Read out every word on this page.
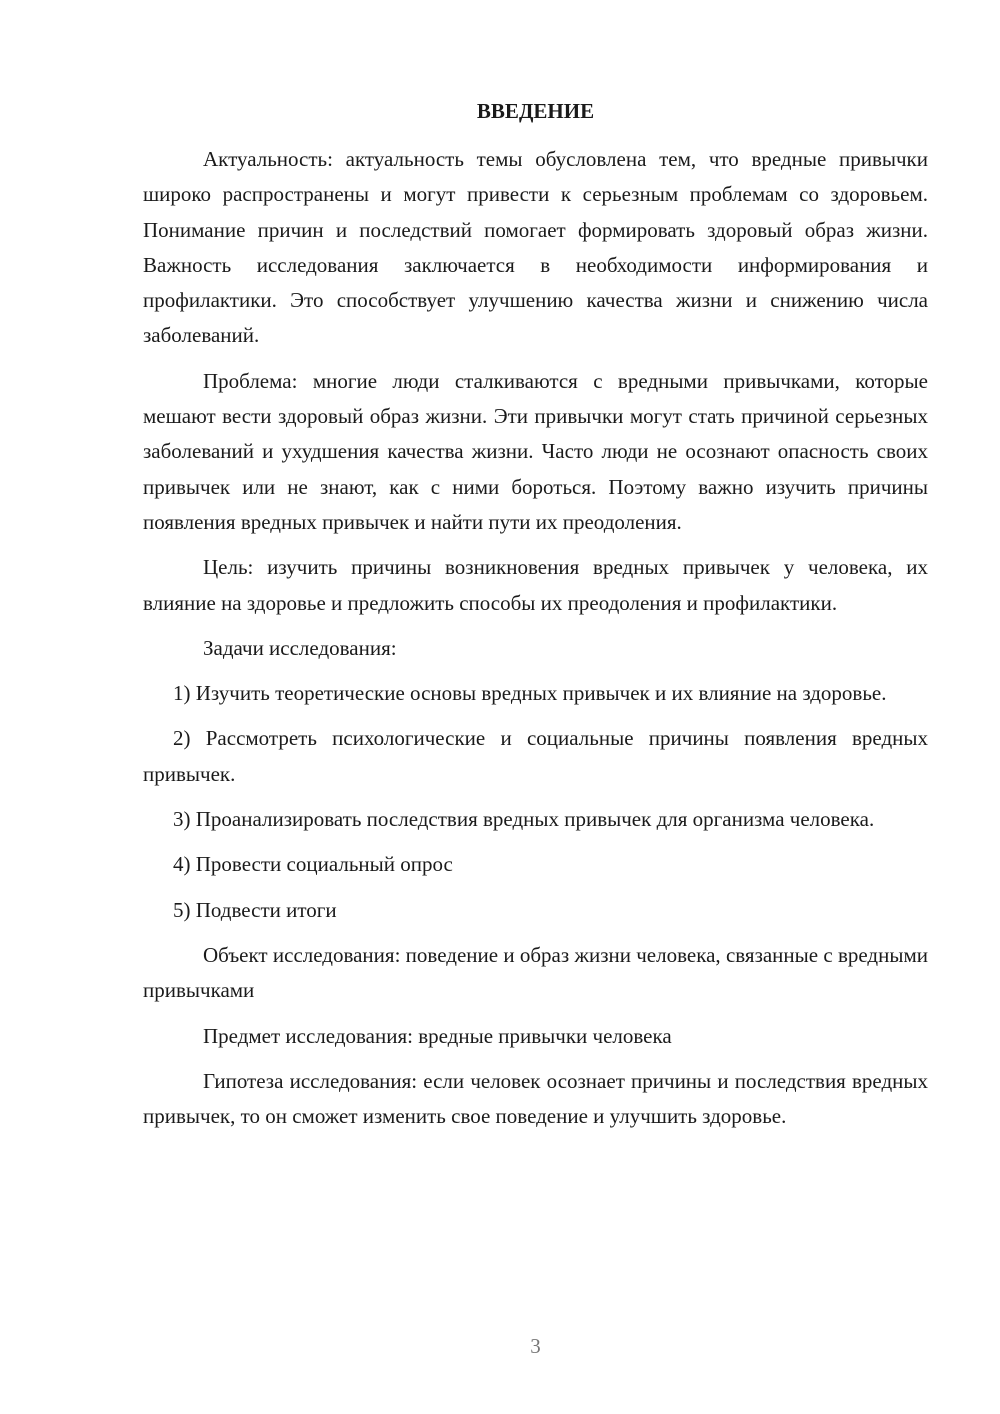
ВВЕДЕНИЕ

Актуальность: актуальность темы обусловлена тем, что вредные привычки широко распространены и могут привести к серьезным проблемам со здоровьем. Понимание причин и последствий помогает формировать здоровый образ жизни. Важность исследования заключается в необходимости информирования и профилактики. Это способствует улучшению качества жизни и снижению числа заболеваний.

Проблема: многие люди сталкиваются с вредными привычками, которые мешают вести здоровый образ жизни. Эти привычки могут стать причиной серьезных заболеваний и ухудшения качества жизни. Часто люди не осознают опасность своих привычек или не знают, как с ними бороться. Поэтому важно изучить причины появления вредных привычек и найти пути их преодоления.

Цель: изучить причины возникновения вредных привычек у человека, их влияние на здоровье и предложить способы их преодоления и профилактики.

Задачи исследования:

1) Изучить теоретические основы вредных привычек и их влияние на здоровье.

2) Рассмотреть психологические и социальные причины появления вредных привычек.

3) Проанализировать последствия вредных привычек для организма человека.

4) Провести социальный опрос

5) Подвести итоги

Объект исследования: поведение и образ жизни человека, связанные с вредными привычками

Предмет исследования: вредные привычки человека

Гипотеза исследования: если человек осознает причины и последствия вредных привычек, то он сможет изменить свое поведение и улучшить здоровье.

3
